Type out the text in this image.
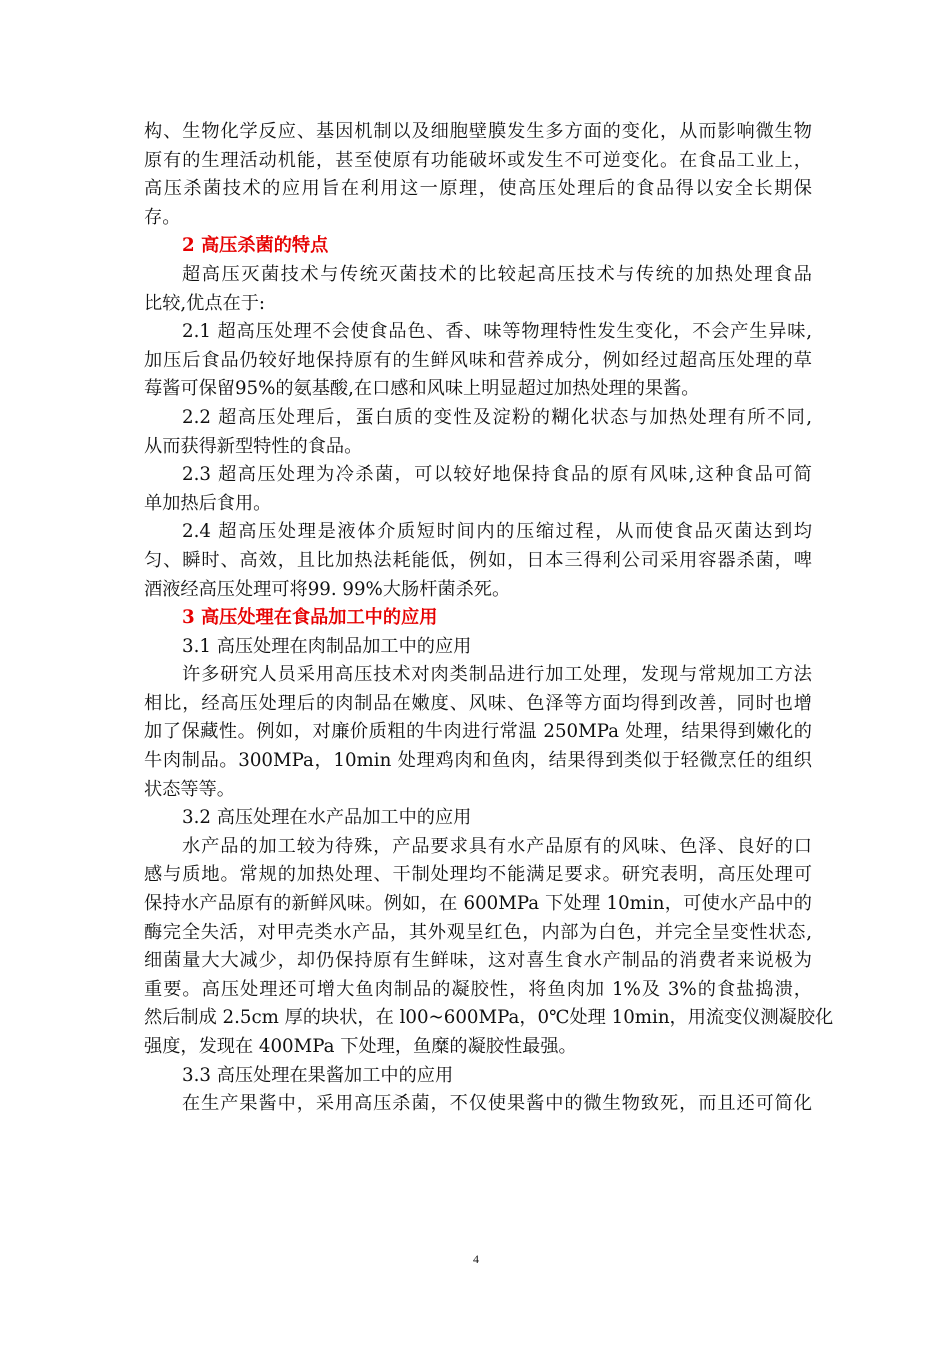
构、生物化学反应、基因机制以及细胞壁膜发生多方面的变化，从而影响微生物
原有的生理活动机能，甚至使原有功能破坏或发生不可逆变化。在食品工业上，
高压杀菌技术的应用旨在利用这一原理，使高压处理后的食品得以安全长期保
存。
2 高压杀菌的特点
超高压灭菌技术与传统灭菌技术的比较起高压技术与传统的加热处理食品
比较,优点在于:
2.1 超高压处理不会使食品色、香、味等物理特性发生变化，不会产生异味,
加压后食品仍较好地保持原有的生鲜风味和营养成分，例如经过超高压处理的草
莓酱可保留95%的氨基酸,在口感和风味上明显超过加热处理的果酱。
2.2 超高压处理后，蛋白质的变性及淀粉的糊化状态与加热处理有所不同,
从而获得新型特性的食品。
2.3 超高压处理为冷杀菌，可以较好地保持食品的原有风味,这种食品可简
单加热后食用。
2.4 超高压处理是液体介质短时间内的压缩过程，从而使食品灭菌达到均
匀、瞬时、高效，且比加热法耗能低，例如，日本三得利公司采用容器杀菌，啤
酒液经高压处理可将99. 99%大肠杆菌杀死。
3 高压处理在食品加工中的应用
3.1 高压处理在肉制品加工中的应用
许多研究人员采用高压技术对肉类制品进行加工处理，发现与常规加工方法
相比，经高压处理后的肉制品在嫩度、风味、色泽等方面均得到改善，同时也增
加了保藏性。例如，对廉价质粗的牛肉进行常温 250MPa 处理，结果得到嫩化的
牛肉制品。300MPa，10min 处理鸡肉和鱼肉，结果得到类似于轻微烹任的组织
状态等等。
3.2 高压处理在水产品加工中的应用
水产品的加工较为待殊，产品要求具有水产品原有的风味、色泽、良好的口
感与质地。常规的加热处理、干制处理均不能满足要求。研究表明，高压处理可
保持水产品原有的新鲜风味。例如，在 600MPa 下处理 10min，可使水产品中的
酶完全失活，对甲壳类水产品，其外观呈红色，内部为白色，并完全呈变性状态,
细菌量大大减少，却仍保持原有生鲜味，这对喜生食水产制品的消费者来说极为
重要。高压处理还可增大鱼肉制品的凝胶性，将鱼肉加 1%及 3%的食盐捣溃，
然后制成 2.5cm 厚的块状，在 l00~600MPa，0℃处理 10min，用流变仪测凝胶化
强度，发现在 400MPa 下处理，鱼糜的凝胶性最强。
3.3 高压处理在果酱加工中的应用
在生产果酱中，采用高压杀菌，不仅使果酱中的微生物致死，而且还可简化
4
